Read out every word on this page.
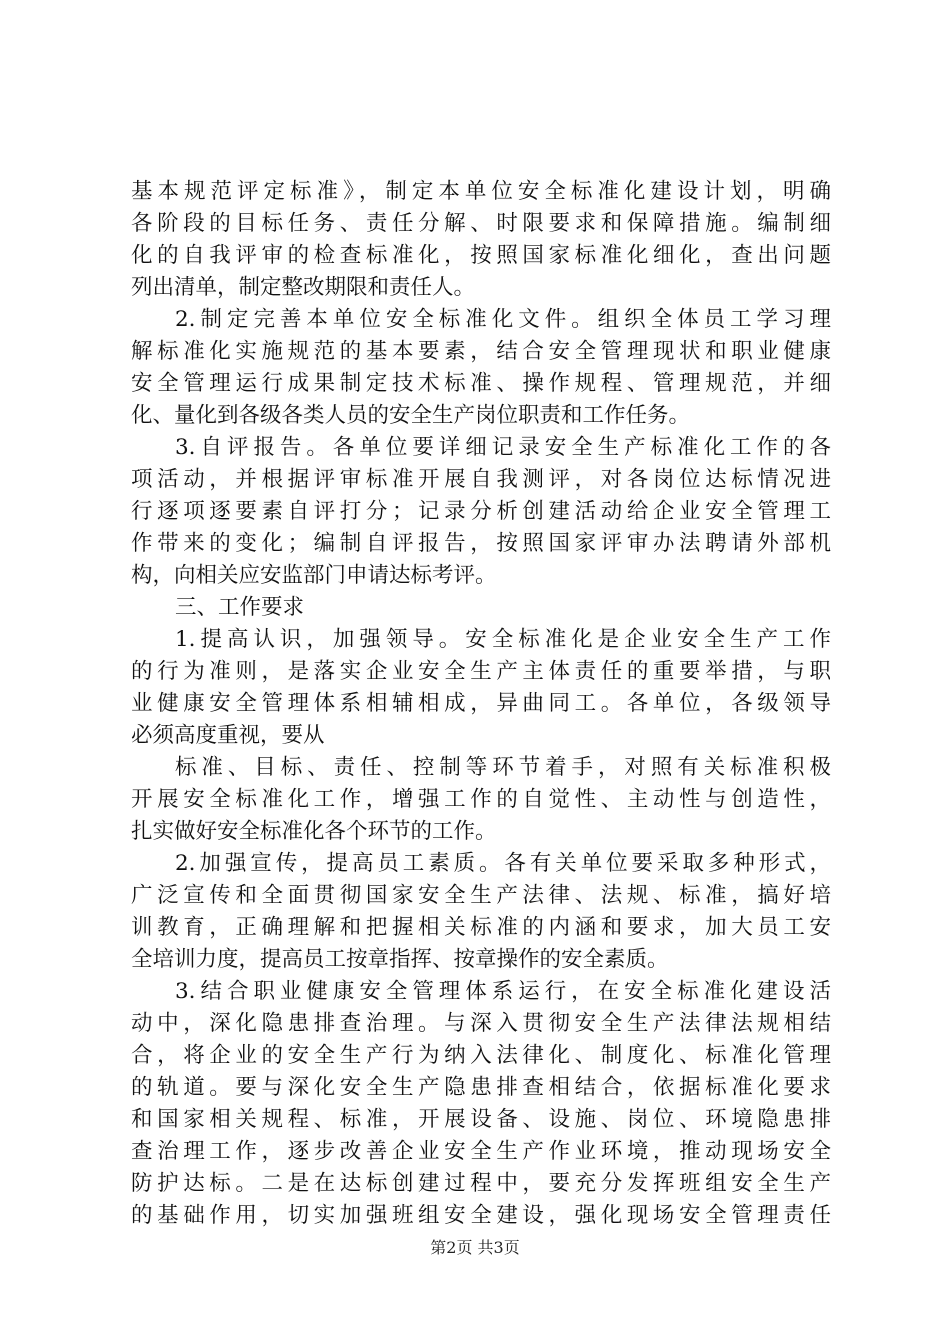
基本规范评定标准》，制定本单位安全标准化建设计划，明确
各阶段的目标任务、责任分解、时限要求和保障措施。编制细
化的自我评审的检查标准化，按照国家标准化细化，查出问题
列出清单，制定整改期限和责任人。
2.制定完善本单位安全标准化文件。组织全体员工学习理
解标准化实施规范的基本要素，结合安全管理现状和职业健康
安全管理运行成果制定技术标准、操作规程、管理规范，并细
化、量化到各级各类人员的安全生产岗位职责和工作任务。
3.自评报告。各单位要详细记录安全生产标准化工作的各
项活动，并根据评审标准开展自我测评，对各岗位达标情况进
行逐项逐要素自评打分；记录分析创建活动给企业安全管理工
作带来的变化；编制自评报告，按照国家评审办法聘请外部机
构，向相关应安监部门申请达标考评。
三、工作要求
1.提高认识，加强领导。安全标准化是企业安全生产工作
的行为准则，是落实企业安全生产主体责任的重要举措，与职
业健康安全管理体系相辅相成，异曲同工。各单位，各级领导
必须高度重视，要从
标准、目标、责任、控制等环节着手，对照有关标准积极
开展安全标准化工作，增强工作的自觉性、主动性与创造性，
扎实做好安全标准化各个环节的工作。
2.加强宣传，提高员工素质。各有关单位要采取多种形式，
广泛宣传和全面贯彻国家安全生产法律、法规、标准，搞好培
训教育，正确理解和把握相关标准的内涵和要求，加大员工安
全培训力度，提高员工按章指挥、按章操作的安全素质。
3.结合职业健康安全管理体系运行，在安全标准化建设活
动中，深化隐患排查治理。与深入贯彻安全生产法律法规相结
合，将企业的安全生产行为纳入法律化、制度化、标准化管理
的轨道。要与深化安全生产隐患排查相结合，依据标准化要求
和国家相关规程、标准，开展设备、设施、岗位、环境隐患排
查治理工作，逐步改善企业安全生产作业环境，推动现场安全
防护达标。二是在达标创建过程中，要充分发挥班组安全生产
的基础作用，切实加强班组安全建设，强化现场安全管理责任
第2页 共3页
